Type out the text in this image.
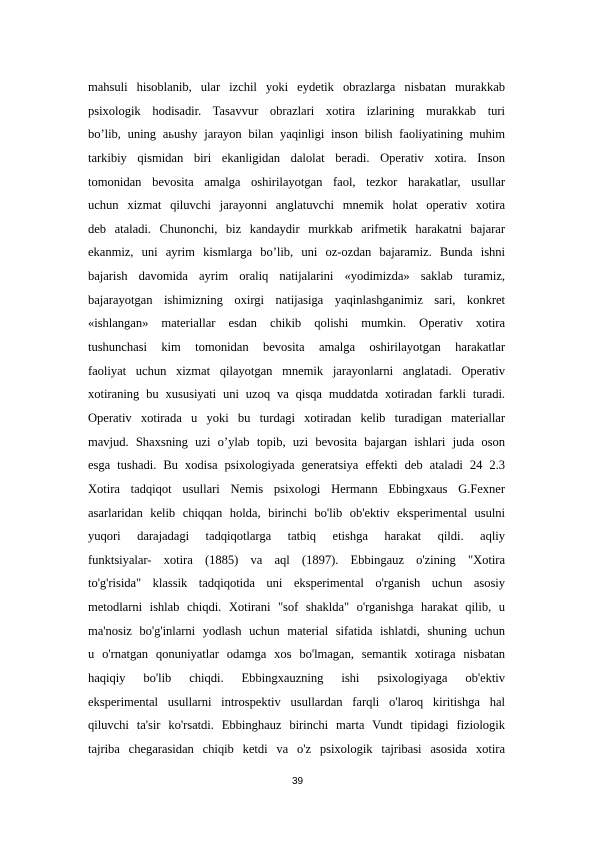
mahsuli hisoblanib, ular izchil yoki eydetik obrazlarga nisbatan murakkab
psixologik hodisadir. Tasavvur obrazlari xotira izlarining murakkab turi
bo’lib, uning аьushy jarayon bilan yaqinligi inson bilish faoliyatining muhim
tarkibiy qismidan biri ekanligidan dalolat beradi. Operativ xotira. Inson
tomonidan bevosita amalga oshirilayotgan faol, tezkor harakatlar, usullar
uchun xizmat qiluvchi jarayonni anglatuvchi mnemik holat operativ xotira
deb ataladi. Chunonchi, biz kandaydir murkkab arifmetik harakatni bajarar
ekanmiz, uni ayrim kismlarga bo’lib, uni oz-ozdan bajaramiz. Bunda ishni
bajarish davomida ayrim oraliq natijalarini «yodimizda» saklab turamiz,
bajarayotgan ishimizning oxirgi natijasiga yaqinlashganimiz sari, konkret
«ishlangan» materiallar esdan chikib qolishi mumkin. Operativ xotira
tushunchasi kim tomonidan bevosita amalga oshirilayotgan harakatlar
faoliyat uchun xizmat qilayotgan mnemik jarayonlarni anglatadi. Operativ
xotiraning bu xususiyati uni uzoq va qisqa muddatda xotiradan farkli turadi.
Operativ xotirada u yoki bu turdagi xotiradan kelib turadigan materiallar
mavjud. Shaxsning uzi o’ylab topib, uzi bevosita bajargan ishlari juda oson
esga tushadi. Bu xodisa psixologiyada generatsiya effekti deb ataladi 24 2.3
Xotira tadqiqot usullari Nemis psixologi Hermann Ebbingxaus G.Fexner
asarlaridan kelib chiqqan holda, birinchi bo'lib ob'ektiv eksperimental usulni
yuqori darajadagi tadqiqotlarga tatbiq etishga harakat qildi. aqliy
funktsiyalar- xotira (1885) va aql (1897). Ebbingauz o'zining "Xotira
to'g'risida" klassik tadqiqotida uni eksperimental o'rganish uchun asosiy
metodlarni ishlab chiqdi. Xotirani "sof shaklda" o'rganishga harakat qilib, u
ma'nosiz bo'g'inlarni yodlash uchun material sifatida ishlatdi, shuning uchun
u o'rnatgan qonuniyatlar odamga xos bo'lmagan, semantik xotiraga nisbatan
haqiqiy bo'lib chiqdi. Ebbingxauzning ishi psixologiyaga ob'ektiv
eksperimental usullarni introspektiv usullardan farqli o'laroq kiritishga hal
qiluvchi ta'sir ko'rsatdi. Ebbinghauz birinchi marta Vundt tipidagi fiziologik
tajriba chegarasidan chiqib ketdi va o'z psixologik tajribasi asosida xotira
39
